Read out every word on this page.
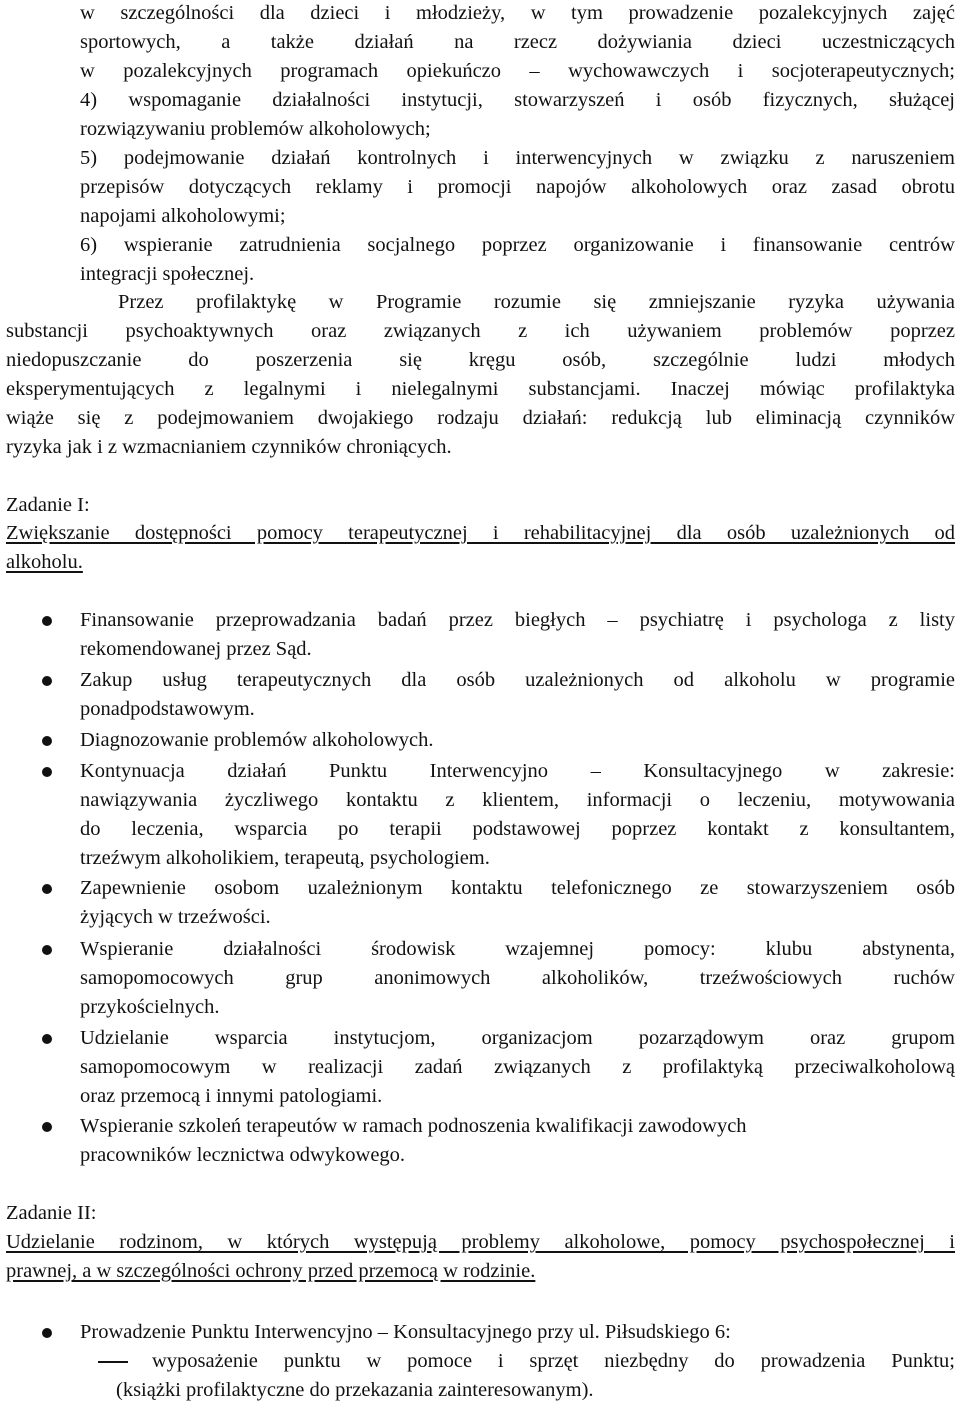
w szczególności dla dzieci i młodzieży, w tym prowadzenie pozalekcyjnych zajęć
sportowych, a także działań na rzecz dożywiania dzieci uczestniczących
w pozalekcyjnych programach opiekuńczo – wychowawczych i socjoterapeutycznych;
4) wspomaganie działalności instytucji, stowarzyszeń i osób fizycznych, służącej
rozwiązywaniu problemów alkoholowych;
5) podejmowanie działań kontrolnych i interwencyjnych w związku z naruszeniem
przepisów dotyczących reklamy i promocji napojów alkoholowych oraz zasad obrotu
napojami alkoholowymi;
6) wspieranie zatrudnienia socjalnego poprzez organizowanie i finansowanie centrów
integracji społecznej.
Przez profilaktykę w Programie rozumie się zmniejszanie ryzyka używania
substancji psychoaktywnych oraz związanych z ich używaniem problemów poprzez
niedopuszczanie do poszerzenia się kręgu osób, szczególnie ludzi młodych
eksperymentujących z legalnymi i nielegalnymi substancjami. Inaczej mówiąc profilaktyka
wiąże się z podejmowaniem dwojakiego rodzaju działań: redukcją lub eliminacją czynników
ryzyka jak i z wzmacnianiem czynników chroniących.
Zadanie I:
Zwiększanie dostępności pomocy terapeutycznej i rehabilitacyjnej dla osób uzależnionych od
alkoholu.
Finansowanie przeprowadzania badań przez biegłych – psychiatrę i psychologa z listy
rekomendowanej przez Sąd.
Zakup usług terapeutycznych dla osób uzależnionych od alkoholu w programie
ponadpodstawowym.
Diagnozowanie problemów alkoholowych.
Kontynuacja działań Punktu Interwencyjno – Konsultacyjnego w zakresie:
nawiązywania życzliwego kontaktu z klientem, informacji o leczeniu, motywowania
do leczenia, wsparcia po terapii podstawowej poprzez kontakt z konsultantem,
trzeźwym alkoholikiem, terapeutą, psychologiem.
Zapewnienie osobom uzależnionym kontaktu telefonicznego ze stowarzyszeniem osób
żyjących w trzeźwości.
Wspieranie działalności środowisk wzajemnej pomocy: klubu abstynenta,
samopomocowych grup anonimowych alkoholików, trzeźwościowych ruchów
przykościelnych.
Udzielanie wsparcia instytucjom, organizacjom pozarządowym oraz grupom
samopomocowym w realizacji zadań związanych z profilaktyką przeciwalkoholową
oraz przemocą i innymi patologiami.
Wspieranie szkoleń terapeutów w ramach podnoszenia kwalifikacji zawodowych
pracowników lecznictwa odwykowego.
Zadanie II:
Udzielanie rodzinom, w których występują problemy alkoholowe, pomocy psychospołecznej i
prawnej, a w szczególności ochrony przed przemocą w rodzinie.
Prowadzenie Punktu Interwencyjno – Konsultacyjnego przy ul. Piłsudskiego 6:
wyposażenie punktu w pomoce i sprzęt niezbędny do prowadzenia Punktu;
(książki profilaktyczne do przekazania zainteresowanym).
